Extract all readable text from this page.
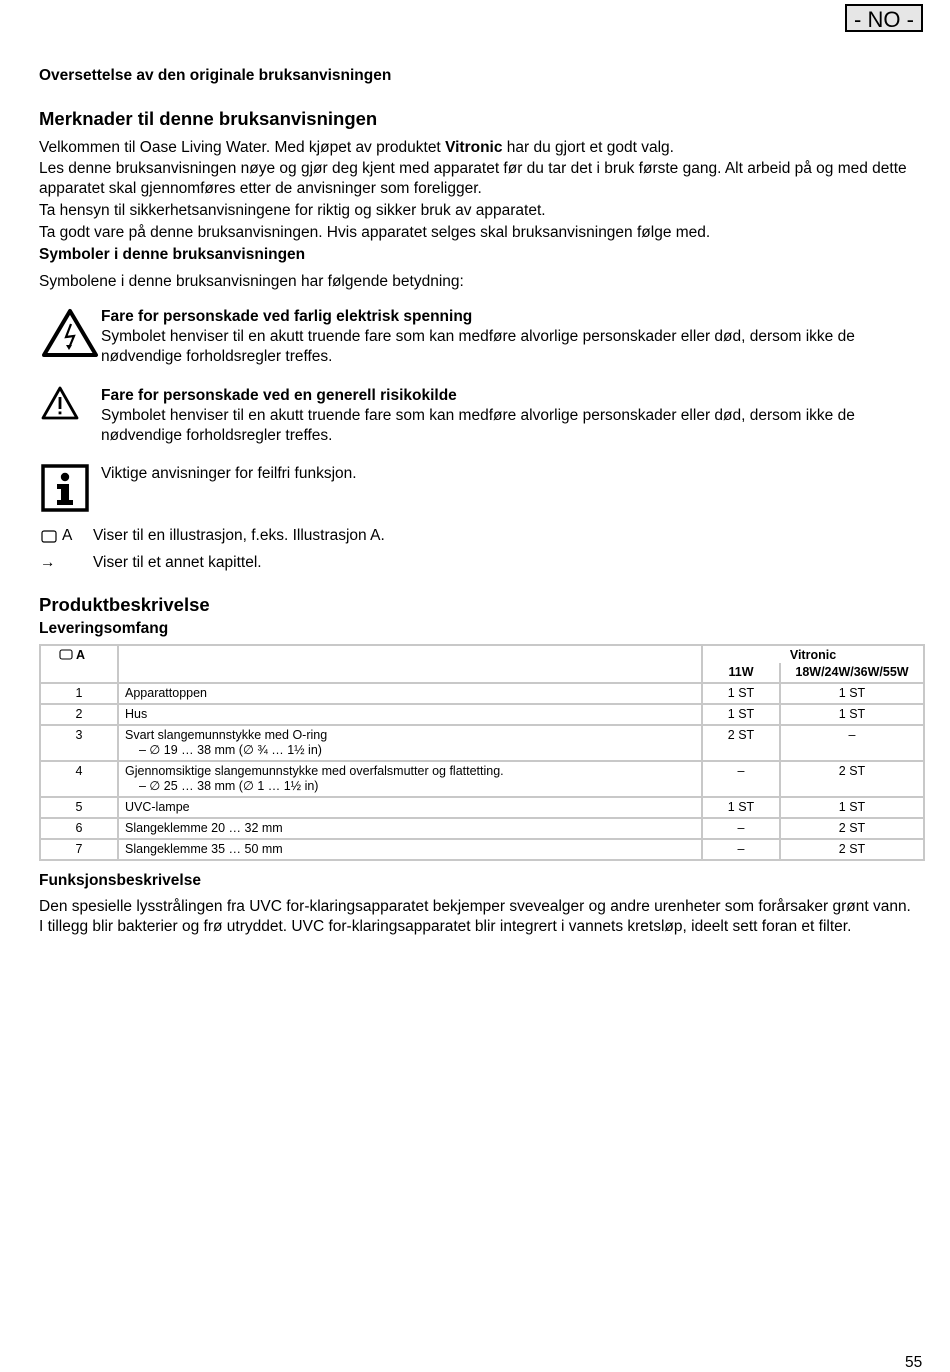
- NO -
Oversettelse av den originale bruksanvisningen
Merknader til denne bruksanvisningen
Velkommen til Oase Living Water. Med kjøpet av produktet Vitronic har du gjort et godt valg.
Les denne bruksanvisningen nøye og gjør deg kjent med apparatet før du tar det i bruk første gang. Alt arbeid på og med dette apparatet skal gjennomføres etter de anvisninger som foreligger.
Ta hensyn til sikkerhetsanvisningene for riktig og sikker bruk av apparatet.
Ta godt vare på denne bruksanvisningen. Hvis apparatet selges skal bruksanvisningen følge med.
Symboler i denne bruksanvisningen
Symbolene i denne bruksanvisningen har følgende betydning:
Fare for personskade ved farlig elektrisk spenning
Symbolet henviser til en akutt truende fare som kan medføre alvorlige personskader eller død, dersom ikke de nødvendige forholdsregler treffes.
Fare for personskade ved en generell risikokilde
Symbolet henviser til en akutt truende fare som kan medføre alvorlige personskader eller død, dersom ikke de nødvendige forholdsregler treffes.
Viktige anvisninger for feilfri funksjon.
A Viser til en illustrasjon, f.eks. Illustrasjon A.
→ Viser til et annet kapittel.
Produktbeskrivelse
Leveringsomfang
A		Vitronic	
		11W	18W/24W/36W/55W
1	Apparattoppen	1 ST	1 ST
2	Hus	1 ST	1 ST
3	Svart slangemunnstykke med O-ring
– ∅ 19 … 38 mm (∅ ¾ … 1½ in)	2 ST	–
4	Gjennomsiktige slangemunnstykke med overfalsmutter og flattetting.
– ∅ 25 … 38 mm (∅ 1 … 1½ in)	–	2 ST
5	UVC-lampe	1 ST	1 ST
6	Slangeklemme 20 … 32 mm	–	2 ST
7	Slangeklemme 35 … 50 mm	–	2 ST
Funksjonsbeskrivelse
Den spesielle lysstrålingen fra UVC for-klaringsapparatet bekjemper svevealger og andre urenheter som forårsaker grønt vann. I tillegg blir bakterier og frø utryddet. UVC for-klaringsapparatet blir integrert i vannets kretsløp, ideelt sett foran et filter.
55
